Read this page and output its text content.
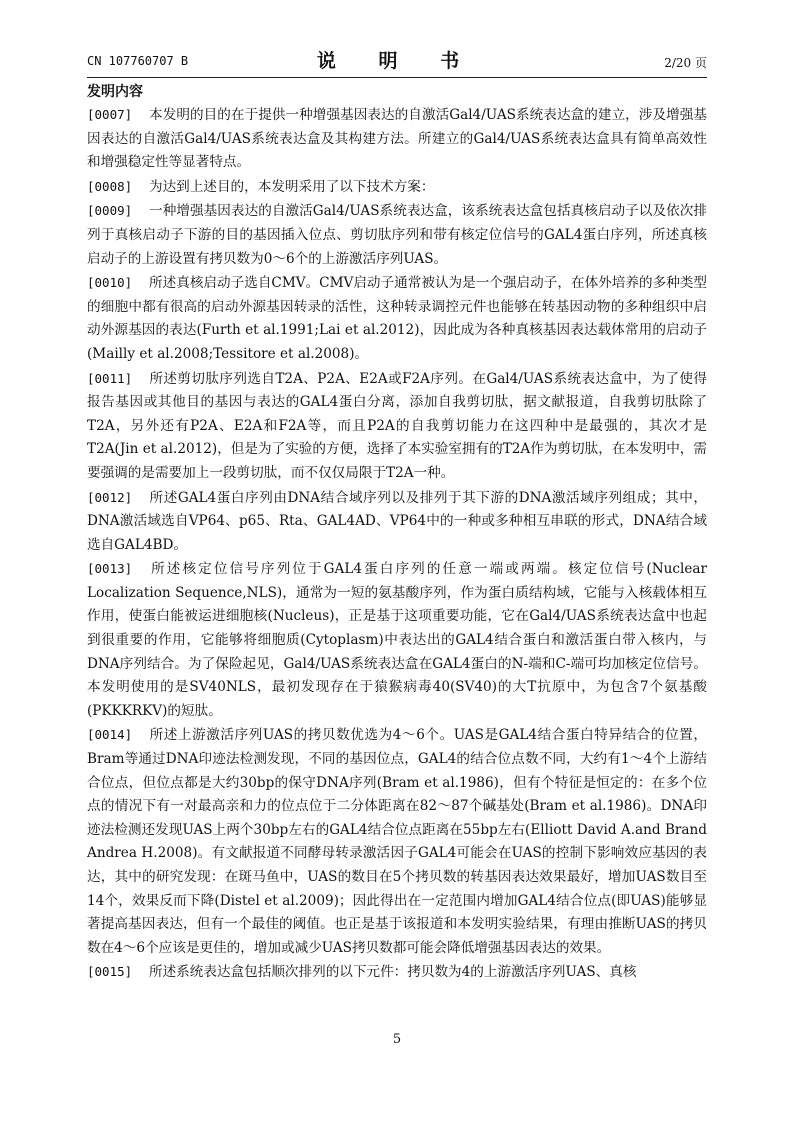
CN 107760707 B	说 明 书	2/20 页

发明内容

[0007] 本发明的目的在于提供一种增强基因表达的自激活Gal4/UAS系统表达盒的建立，涉及增强基因表达的自激活Gal4/UAS系统表达盒及其构建方法。所建立的Gal4/UAS系统表达盒具有简单高效性和增强稳定性等显著特点。

[0008] 为达到上述目的，本发明采用了以下技术方案：

[0009] 一种增强基因表达的自激活Gal4/UAS系统表达盒，该系统表达盒包括真核启动子以及依次排列于真核启动子下游的目的基因插入位点、剪切肽序列和带有核定位信号的GAL4蛋白序列，所述真核启动子的上游设置有拷贝数为0～6个的上游激活序列UAS。

[0010] 所述真核启动子选自CMV。CMV启动子通常被认为是一个强启动子，在体外培养的多种类型的细胞中都有很高的启动外源基因转录的活性，这种转录调控元件也能够在转基因动物的多种组织中启动外源基因的表达(Furth et al.1991;Lai et al.2012)，因此成为各种真核基因表达载体常用的启动子(Mailly et al.2008;Tessitore et al.2008)。

[0011] 所述剪切肽序列选自T2A、P2A、E2A或F2A序列。在Gal4/UAS系统表达盒中，为了使得报告基因或其他目的基因与表达的GAL4蛋白分离，添加自我剪切肽，据文献报道，自我剪切肽除了T2A，另外还有P2A、E2A和F2A等，而且P2A的自我剪切能力在这四种中是最强的，其次才是T2A(Jin et al.2012)，但是为了实验的方便，选择了本实验室拥有的T2A作为剪切肽，在本发明中，需要强调的是需要加上一段剪切肽，而不仅仅局限于T2A一种。

[0012] 所述GAL4蛋白序列由DNA结合域序列以及排列于其下游的DNA激活域序列组成；其中，DNA激活域选自VP64、p65、Rta、GAL4AD、VP64中的一种或多种相互串联的形式，DNA结合域选自GAL4BD。

[0013] 所述核定位信号序列位于GAL4蛋白序列的任意一端或两端。核定位信号(Nuclear Localization Sequence,NLS)，通常为一短的氨基酸序列，作为蛋白质结构域，它能与入核载体相互作用，使蛋白能被运进细胞核(Nucleus)，正是基于这项重要功能，它在Gal4/UAS系统表达盒中也起到很重要的作用，它能够将细胞质(Cytoplasm)中表达出的GAL4结合蛋白和激活蛋白带入核内，与DNA序列结合。为了保险起见，Gal4/UAS系统表达盒在GAL4蛋白的N-端和C-端可均加核定位信号。本发明使用的是SV40NLS，最初发现存在于猿猴病毒40(SV40)的大T抗原中，为包含7个氨基酸(PKKKRKV)的短肽。

[0014] 所述上游激活序列UAS的拷贝数优选为4～6个。UAS是GAL4结合蛋白特异结合的位置，Bram等通过DNA印迹法检测发现，不同的基因位点，GAL4的结合位点数不同，大约有1～4个上游结合位点，但位点都是大约30bp的保守DNA序列(Bram et al.1986)，但有个特征是恒定的：在多个位点的情况下有一对最高亲和力的位点位于二分体距离在82～87个碱基处(Bram et al.1986)。DNA印迹法检测还发现UAS上两个30bp左右的GAL4结合位点距离在55bp左右(Elliott David A.and Brand Andrea H.2008)。有文献报道不同酵母转录激活因子GAL4可能会在UAS的控制下影响效应基因的表达，其中的研究发现：在斑马鱼中，UAS的数目在5个拷贝数的转基因表达效果最好，增加UAS数目至14个，效果反而下降(Distel et al.2009)；因此得出在一定范围内增加GAL4结合位点(即UAS)能够显著提高基因表达，但有一个最佳的阈值。也正是基于该报道和本发明实验结果，有理由推断UAS的拷贝数在4～6个应该是更佳的，增加或减少UAS拷贝数都可能会降低增强基因表达的效果。

[0015] 所述系统表达盒包括顺次排列的以下元件：拷贝数为4的上游激活序列UAS、真核

5
